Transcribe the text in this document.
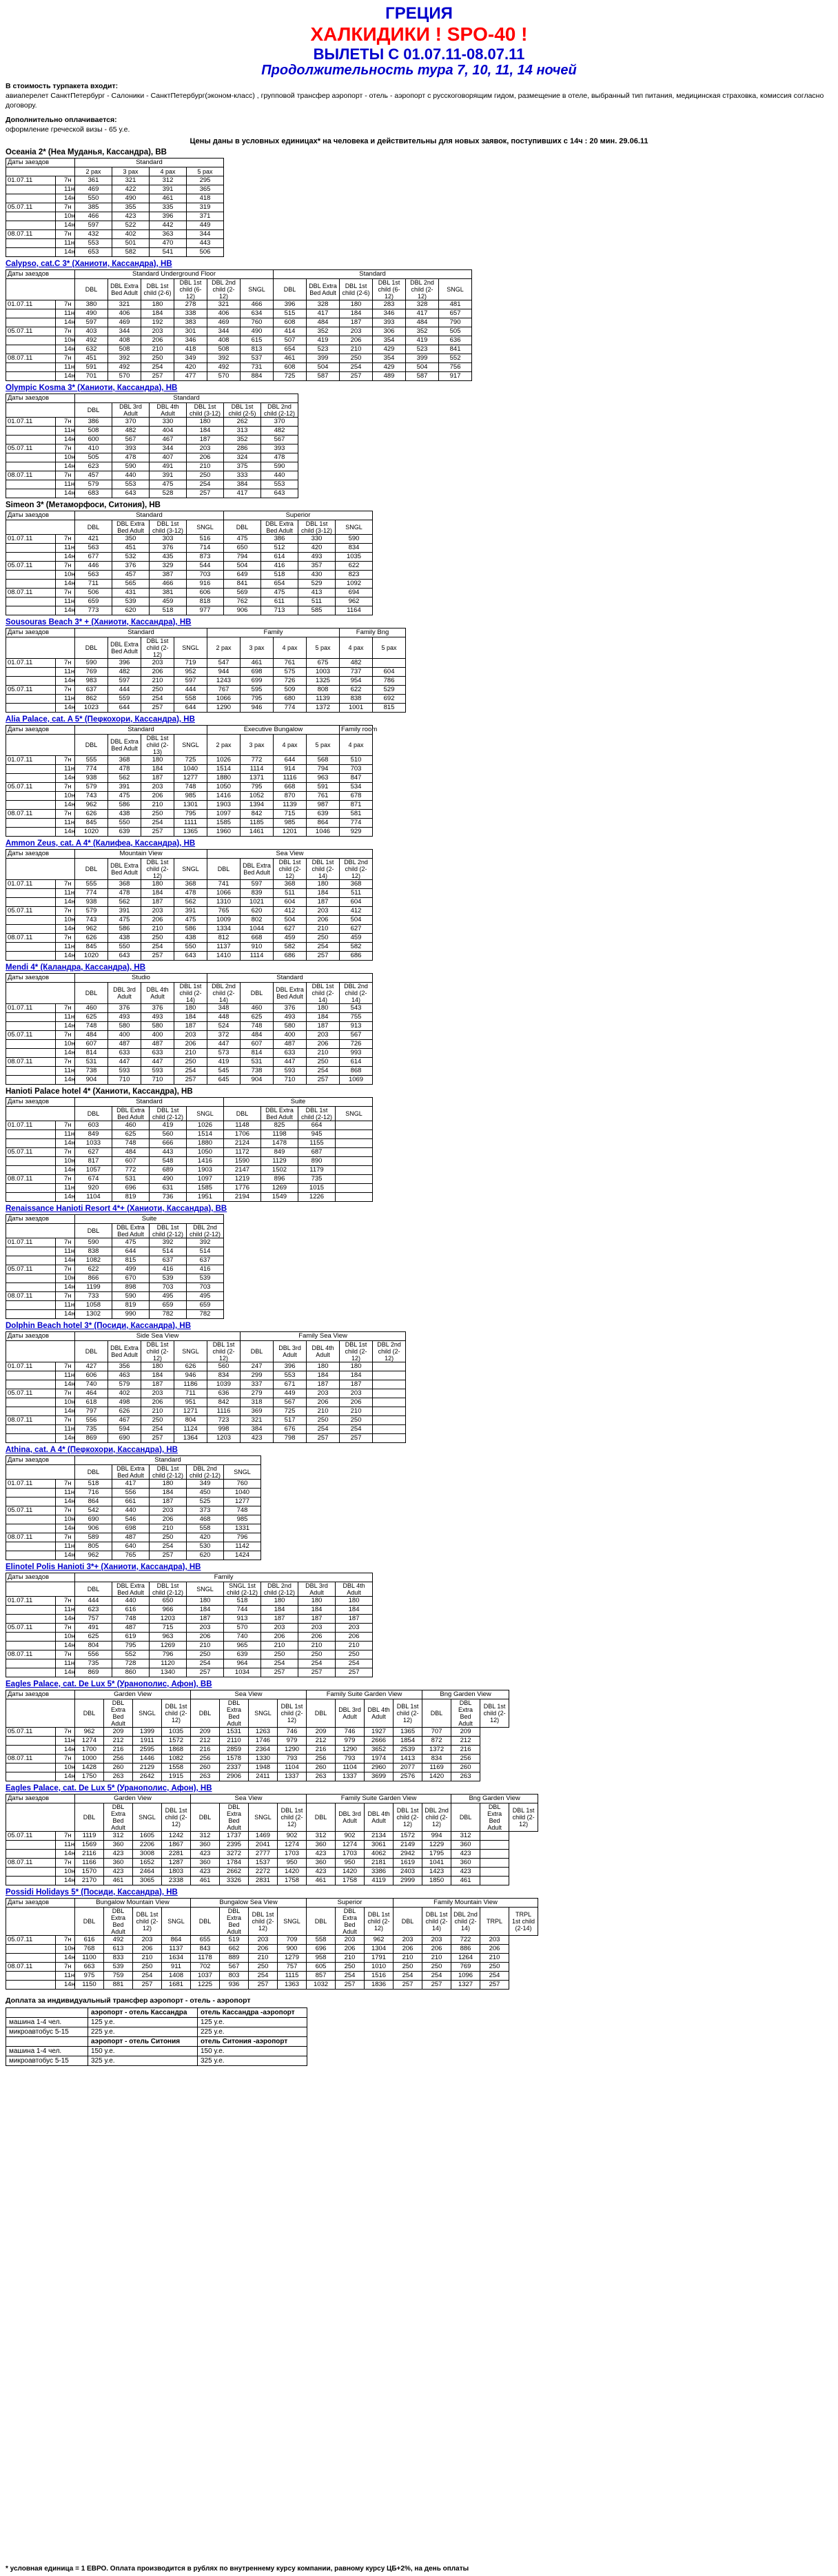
ГРЕЦИЯ
ХАЛКИДИКИ ! SPO-40 !
ВЫЛЕТЫ С 01.07.11-08.07.11
Продолжительность тура 7, 10, 11, 14 ночей
В стоимость турпакета входит:
авиаперелет СанктПетербург - Салоники - СанктПетербург(эконом-класс) , групповой трансфер аэропорт - отель - аэропорт с русскоговорящим гидом, размещение в отеле, выбранный тип питания, медицинская страховка, комиссия согласно договору.
Дополнительно оплачивается:
оформление греческой визы - 65 у.е.
Цены даны в условных единицах* на человека и действительны для новых заявок, поступивших с 14ч : 20 мин. 29.06.11
Осеаніа 2* (Неа Муданья, Кассандра), BB
Даты заездов		Standard			
		2 pax	3 pax	4 pax	5 pax
01.07.11	7н	361	321	312	295
	11н	469	422	391	365
	14н	550	490	461	418
05.07.11	7н	385	355	335	319
	10н	466	423	396	371
	14н	597	522	442	449
08.07.11	7н	432	402	363	344
	11н	553	501	470	443
	14н	653	582	541	506
Calypso, cat.C 3* (Ханиоти, Кассандра), HB
Даты заездов		Standard Underground Floor						Standard					
		DBL	DBL Extra Bed Adult	DBL 1st child (2-6)	DBL 1st child (6-12)	DBL 2nd child (2-12)	SNGL	DBL	DBL Extra Bed Adult	DBL 1st child (2-6)	DBL 1st child (6-12)	DBL 2nd child (2-12)	SNGL
01.07.11	7н	380	321	180	278	321	466	396	328	180	283	328	481
	11н	490	406	184	338	406	634	515	417	184	346	417	657
	14н	597	469	192	383	469	760	608	484	187	393	484	790
05.07.11	7н	403	344	203	301	344	490	414	352	203	306	352	505
	10н	492	408	206	346	408	615	507	419	206	354	419	636
	14н	632	508	210	418	508	813	654	523	210	429	523	841
08.07.11	7н	451	392	250	349	392	537	461	399	250	354	399	552
	11н	591	492	254	420	492	731	608	504	254	429	504	756
	14н	701	570	257	477	570	884	725	587	257	489	587	917
Olympic Kosma 3* (Ханиоти, Кассандра), HB
Даты заездов		Standard					
		DBL	DBL 3rd Adult	DBL 4th Adult	DBL 1st child (3-12)	DBL 1st child (2-5)	DBL 2nd child (2-12)
01.07.11	7н	386	370	330	180	262	370
	11н	508	482	404	184	313	482
	14н	600	567	467	187	352	567
05.07.11	7н	410	393	344	203	286	393
	10н	505	478	407	206	324	478
	14н	623	590	491	210	375	590
08.07.11	7н	457	440	391	250	333	440
	11н	579	553	475	254	384	553
	14н	683	643	528	257	417	643
Simeon 3* (Метаморфоси, Ситония), HB
Даты заездов		Standard				Superior			
		DBL	DBL Extra Bed Adult	DBL 1st child (3-12)	SNGL	DBL	DBL Extra Bed Adult	DBL 1st child (3-12)	SNGL
01.07.11	7н	421	350	303	516	475	386	330	590
	11н	563	451	376	714	650	512	420	834
	14н	677	532	435	873	794	614	493	1035
05.07.11	7н	446	376	329	544	504	416	357	622
	10н	563	457	387	703	649	518	430	823
	14н	711	565	466	916	841	654	529	1092
08.07.11	7н	506	431	381	606	569	475	413	694
	11н	659	539	459	818	762	611	511	962
	14н	773	620	518	977	906	713	585	1164
Sousouras Beach 3* + (Ханиоти, Кассандра), HB
Даты заездов		Standard				Family				Family Bng	
		DBL	DBL Extra Bed Adult	DBL 1st child (2-12)	SNGL	2 pax	3 pax	4 pax	5 pax	4 pax	5 pax
01.07.11	7н	590	396	203	719	547	461	761	675	482	
	11н	769	482	206	952	944	698	575	1003	737	604
	14н	983	597	210	597	1243	699	726	1325	954	786
05.07.11	7н	637	444	250	444	767	595	509	808	622	529
	11н	862	559	254	558	1066	795	680	1139	838	692
	14н	1023	644	257	644	1290	946	774	1372	1001	815
Alia Palace, cat. A 5* (Пеφкохори, Кассандра), HB
Даты заездов		Standard				Executive Bungalow				Family room
		DBL	DBL Extra Bed Adult	DBL 1st child (2-13)	SNGL	2 pax	3 pax	4 pax	5 pax	4 pax
01.07.11	7н	555	368	180	725	1026	772	644	568	510
	11н	774	478	184	1040	1514	1114	914	794	703
	14н	938	562	187	1277	1880	1371	1116	963	847
05.07.11	7н	579	391	203	748	1050	795	668	591	534
	10н	743	475	206	985	1416	1052	870	761	678
	14н	962	586	210	1301	1903	1394	1139	987	871
08.07.11	7н	626	438	250	795	1097	842	715	639	581
	11н	845	550	254	1111	1585	1185	985	864	774
	14н	1020	639	257	1365	1960	1461	1201	1046	929
Ammon Zeus, cat. A 4* (Калифеа, Кассандра), HB
Даты заездов		Mountain View				Sea View				
		DBL	DBL Extra Bed Adult	DBL 1st child (2-12)	SNGL	DBL	DBL Extra Bed Adult	DBL 1st child (2-12)	DBL 1st child (2-14)	DBL 2nd child (2-12)
01.07.11	7н	555	368	180	368	741	597	368	180	368
	11н	774	478	184	478	1066	839	511	184	511
	14н	938	562	187	562	1310	1021	604	187	604
05.07.11	7н	579	391	203	391	765	620	412	203	412
	10н	743	475	206	475	1009	802	504	206	504
	14н	962	586	210	586	1334	1044	627	210	627
08.07.11	7н	626	438	250	438	812	668	459	250	459
	11н	845	550	254	550	1137	910	582	254	582
	14н	1020	643	257	643	1410	1114	686	257	686
Mendi 4* (Каландра, Кассандра), HB
Даты заездов		Studio				Standard				
		DBL	DBL 3rd Adult	DBL 4th Adult	DBL 1st child (2-14)	DBL 2nd child (2-14)	DBL	DBL Extra Bed Adult	DBL 1st child (2-14)	DBL 2nd child (2-14)
01.07.11	7н	460	376	376	180	348	460	376	180	543
	11н	625	493	493	184	448	625	493	184	755
	14н	748	580	580	187	524	748	580	187	913
05.07.11	7н	484	400	400	203	372	484	400	203	567
	10н	607	487	487	206	447	607	487	206	726
	14н	814	633	633	210	573	814	633	210	993
08.07.11	7н	531	447	447	250	419	531	447	250	614
	11н	738	593	593	254	545	738	593	254	868
	14н	904	710	710	257	645	904	710	257	1069
Hanioti Palace hotel 4* (Ханиоти, Кассандра), HB
Даты заездов		Standard				Suite			
		DBL	DBL Extra Bed Adult	DBL 1st child (2-12)	SNGL	DBL	DBL Extra Bed Adult	DBL 1st child (2-12)	SNGL
01.07.11	7н	603	460	419	1026	1148	825	664	
	11н	849	625	560	1514	1706	1198	945	
	14н	1033	748	666	1880	2124	1478	1155	
05.07.11	7н	627	484	443	1050	1172	849	687	
	10н	817	607	548	1416	1590	1129	890	
	14н	1057	772	689	1903	2147	1502	1179	
08.07.11	7н	674	531	490	1097	1219	896	735	
	11н	920	696	631	1585	1776	1269	1015	
	14н	1104	819	736	1951	2194	1549	1226	
Renaissance Hanioti Resort 4*+ (Ханиоти, Кассандра), BB
Даты заездов		Suite			
		DBL	DBL Extra Bed Adult	DBL 1st child (2-12)	DBL 2nd child (2-12)
01.07.11	7н	590	475	392	392
	11н	838	644	514	514
	14н	1082	815	637	637
05.07.11	7н	622	499	416	416
	10н	866	670	539	539
	14н	1199	898	703	703
08.07.11	7н	733	590	495	495
	11н	1058	819	659	659
	14н	1302	990	782	782
Dolphin Beach hotel 3* (Посиди, Кассандра), HB
Даты заездов		Side Sea View					Family Sea View				
		DBL	DBL Extra Bed Adult	DBL 1st child (2-12)	SNGL	DBL 1st child (2-12)	DBL	DBL 3rd Adult	DBL 4th Adult	DBL 1st child (2-12)	DBL 2nd child (2-12)
01.07.11	7н	427	356	180	626	560	247	396	180	180	
	11н	606	463	184	946	834	299	553	184	184	
	14н	740	579	187	1186	1039	337	671	187	187	
05.07.11	7н	464	402	203	711	636	279	449	203	203	
	10н	618	498	206	951	842	318	567	206	206	
	14н	797	626	210	1271	1116	369	725	210	210	
08.07.11	7н	556	467	250	804	723	321	517	250	250	
	11н	735	594	254	1124	998	384	676	254	254	
	14н	869	690	257	1364	1203	423	798	257	257	
Athina, cat. A 4* (Пеφкохори, Кассандра), HB
Даты заездов		Standard				
		DBL	DBL Extra Bed Adult	DBL 1st child (2-12)	DBL 2nd child (2-12)	SNGL
01.07.11	7н	518	417	180	349	760
	11н	716	556	184	450	1040
	14н	864	661	187	525	1277
05.07.11	7н	542	440	203	373	748
	10н	690	546	206	468	985
	14н	906	698	210	558	1331
08.07.11	7н	589	487	250	420	796
	11н	805	640	254	530	1142
	14н	962	765	257	620	1424
Elinotel Polis Hanioti 3*+ (Ханиоти, Кассандра), HB
Даты заездов		Family							
		DBL	DBL Extra Bed Adult	DBL 1st child (2-12)	SNGL	SNGL 1st child (2-12)	DBL 2nd child (2-12)	DBL 3rd Adult	DBL 4th Adult
01.07.11	7н	444	440	650	180	518	180	180	180
	11н	623	616	966	184	744	184	184	184
	14н	757	748	1203	187	913	187	187	187
05.07.11	7н	491	487	715	203	570	203	203	203
	10н	625	619	963	206	740	206	206	206
	14н	804	795	1269	210	965	210	210	210
08.07.11	7н	556	552	796	250	639	250	250	250
	11н	735	728	1120	254	964	254	254	254
	14н	869	860	1340	257	1034	257	257	257
Eagles Palace, cat. De Lux 5* (Уранополис, Афон), BB
Даты заездов		Garden View				Sea View				Family Suite Garden View				Bng Garden View		
		DBL	DBL Extra Bed Adult	SNGL	DBL 1st child (2-12)	DBL	DBL Extra Bed Adult	SNGL	DBL 1st child (2-12)	DBL	DBL 3rd Adult	DBL 4th Adult	DBL 1st child (2-12)	DBL	DBL Extra Bed Adult	DBL 1st child (2-12)
05.07.11	7н	962	209	1399	1035	209	1531	1263	746	209	746	1927	1365	707	209	
	11н	1274	212	1911	1572	212	2110	1746	979	212	979	2666	1854	872	212	
	14н	1700	216	2595	1868	216	2859	2364	1290	216	1290	3652	2539	1372	216	
08.07.11	7н	1000	256	1446	1082	256	1578	1330	793	256	793	1974	1413	834	256	
	10н	1428	260	2129	1558	260	2337	1948	1104	260	1104	2960	2077	1169	260	
	14н	1750	263	2642	1915	263	2906	2411	1337	263	1337	3699	2576	1420	263	
Eagles Palace, cat. De Lux 5* (Уранополис, Афон), HB
Даты заездов		Garden View				Sea View				Family Suite Garden View					Bng Garden View		
		DBL	DBL Extra Bed Adult	SNGL	DBL 1st child (2-12)	DBL	DBL Extra Bed Adult	SNGL	DBL 1st child (2-12)	DBL	DBL 3rd Adult	DBL 4th Adult	DBL 1st child (2-12)	DBL 2nd child (2-12)	DBL	DBL Extra Bed Adult	DBL 1st child (2-12)
05.07.11	7н	1119	312	1605	1242	312	1737	1469	902	312	902	2134	1572	994	312		
	11н	1569	360	2206	1867	360	2395	2041	1274	360	1274	3061	2149	1229	360		
	14н	2116	423	3008	2281	423	3272	2777	1703	423	1703	4062	2942	1795	423		
08.07.11	7н	1166	360	1652	1287	360	1784	1537	950	360	950	2181	1619	1041	360		
	10н	1570	423	2464	1803	423	2662	2272	1420	423	1420	3386	2403	1423	423		
	14н	2170	461	3065	2338	461	3326	2831	1758	461	1758	4119	2999	1850	461		
Possidi Holidays 5* (Посиди, Кассандра), HB
Даты заездов		Bungalow Mountain View				Bungalow Sea View				Superior			Family Mountain View				
		DBL	DBL Extra Bed Adult	DBL 1st child (2-12)	SNGL	DBL	DBL Extra Bed Adult	DBL 1st child (2-12)	SNGL	DBL	DBL Extra Bed Adult	DBL 1st child (2-12)	DBL	DBL 1st child (2-14)	DBL 2nd child (2-14)	TRPL	TRPL 1st child (2-14)
05.07.11	7н	616	492	203	864	655	519	203	709	558	203	962	203	203	722	203	
	10н	768	613	206	1137	843	662	206	900	696	206	1304	206	206	886	206	
	14н	1100	833	210	1634	1178	889	210	1279	958	210	1791	210	210	1264	210	
08.07.11	7н	663	539	250	911	702	567	250	757	605	250	1010	250	250	769	250	
	11н	975	759	254	1408	1037	803	254	1115	857	254	1516	254	254	1096	254	
	14н	1150	881	257	1681	1225	936	257	1363	1032	257	1836	257	257	1327	257	
Доплата за индивидуальный трансфер аэропорт - отель - аэропорт
	аэропорт - отель Кассандра	отель Кассандра -аэропорт
машина 1-4 чел.	125 у.е.	125 у.е.
микроавтобус 5-15	225 у.е.	225 у.е.
	аэропорт - отель Ситония	отель Ситония -аэропорт
машина 1-4 чел.	150 у.е.	150 у.е.
микроавтобус 5-15	325 у.е.	325 у.е.
* условная единица = 1 ЕВРО. Оплата производится в рублях по внутреннему курсу компании, равному курсу ЦБ+2%, на день оплаты
